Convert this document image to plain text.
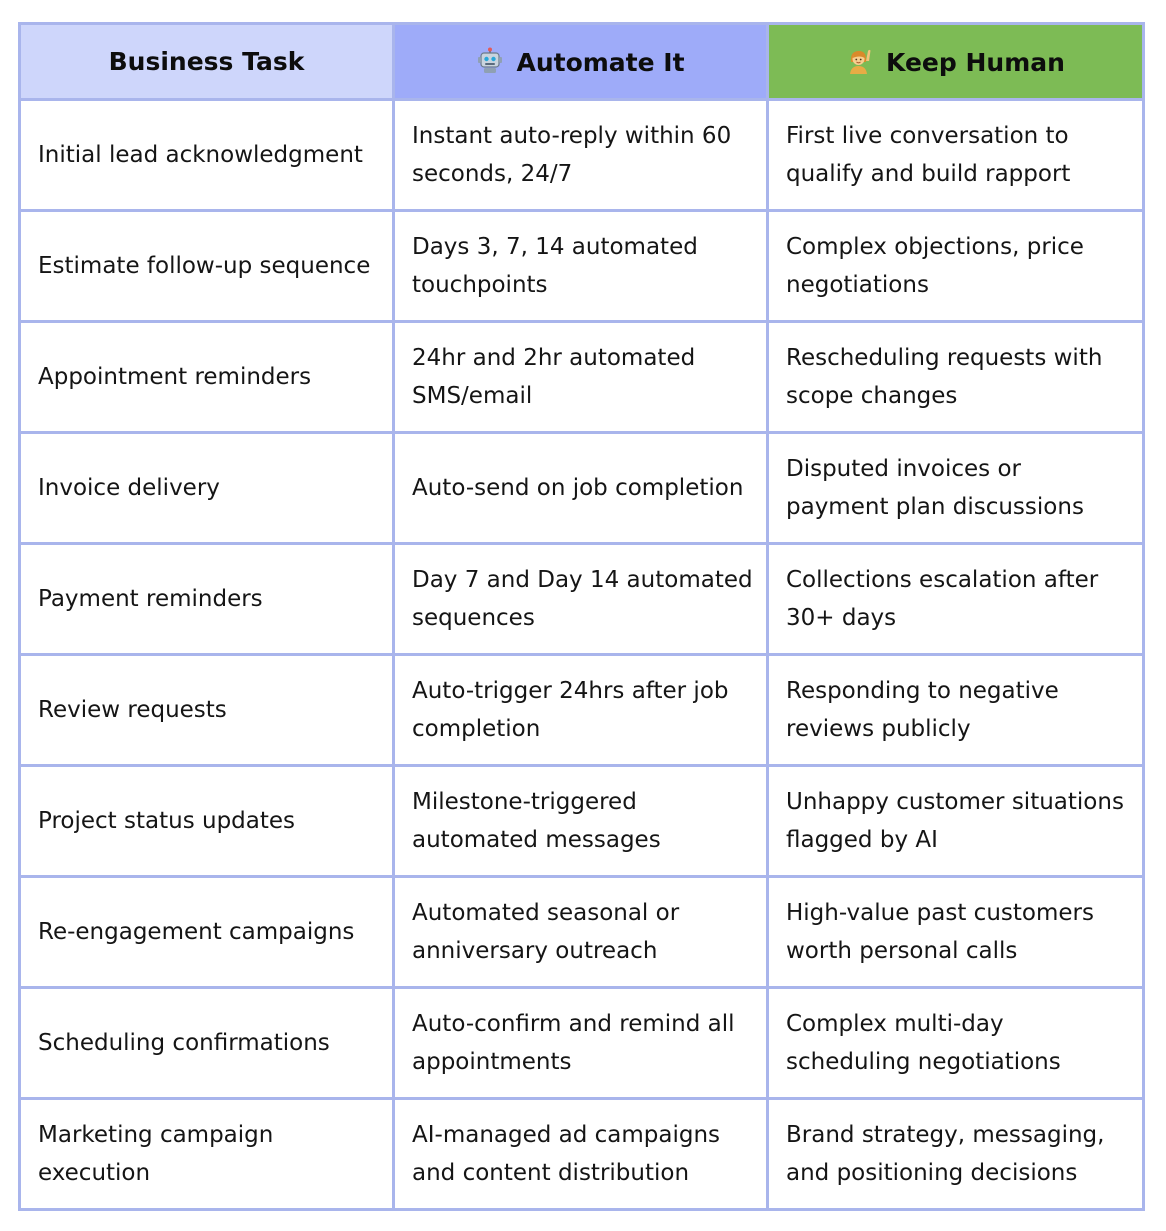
Business Task	Automate It	Keep Human
Initial lead acknowledgment	Instant auto-reply within 60 seconds, 24/7	First live conversation to qualify and build rapport
Estimate follow-up sequence	Days 3, 7, 14 automated touchpoints	Complex objections, price negotiations
Appointment reminders	24hr and 2hr automated SMS/email	Rescheduling requests with scope changes
Invoice delivery	Auto-send on job completion	Disputed invoices or payment plan discussions
Payment reminders	Day 7 and Day 14 automated sequences	Collections escalation after 30+ days
Review requests	Auto-trigger 24hrs after job completion	Responding to negative reviews publicly
Project status updates	Milestone-triggered automated messages	Unhappy customer situations flagged by AI
Re-engagement campaigns	Automated seasonal or anniversary outreach	High-value past customers worth personal calls
Scheduling confirmations	Auto-confirm and remind all appointments	Complex multi-day scheduling negotiations
Marketing campaign execution	AI-managed ad campaigns and content distribution	Brand strategy, messaging, and positioning decisions
